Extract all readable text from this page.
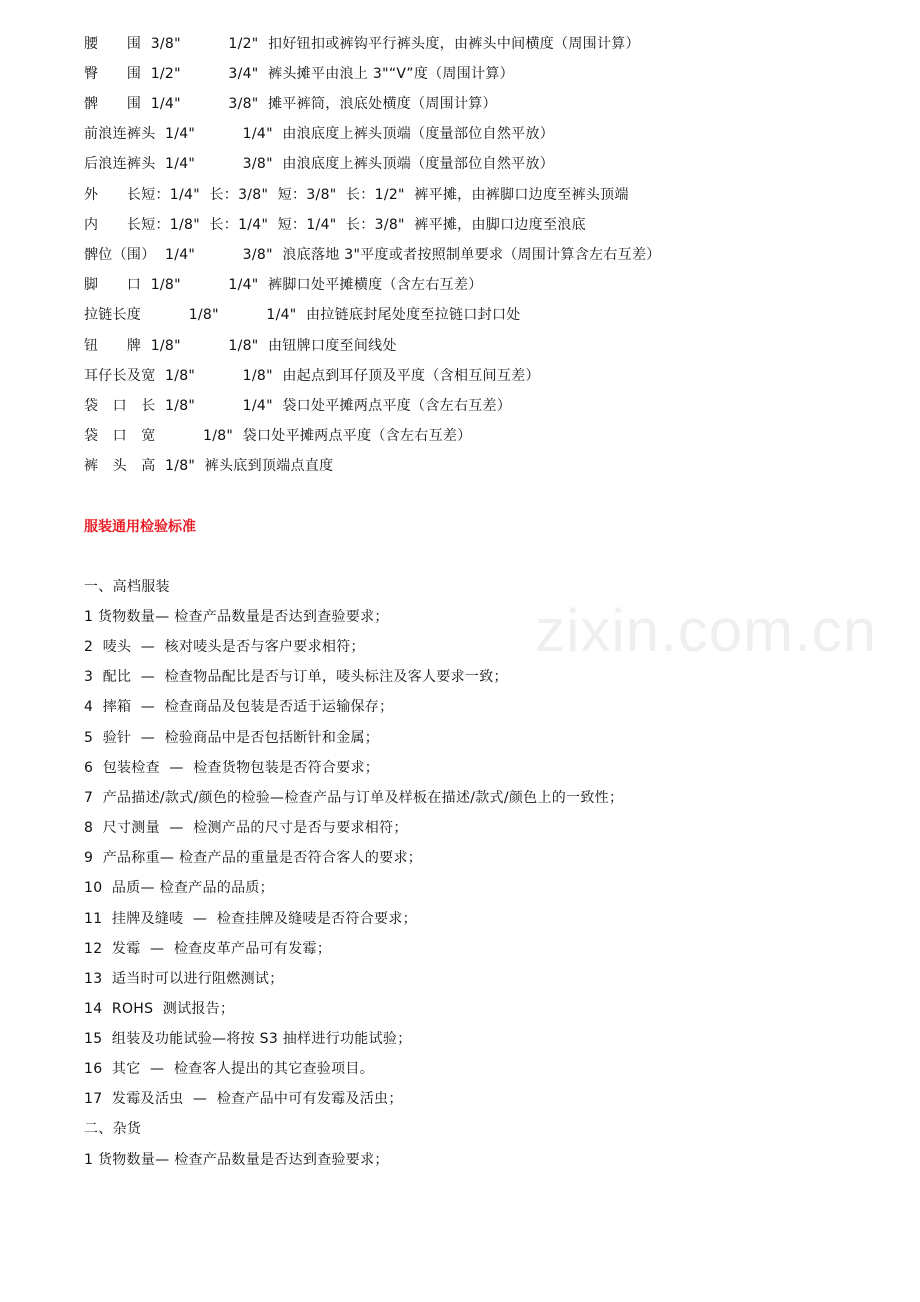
zixin.com.cn
腰　　围  3/8"          1/2"  扣好钮扣或裤钩平行裤头度，由裤头中间横度（周围计算）
臀　　围  1/2"          3/4"  裤头摊平由浪上 3"“V”度（周围计算）
髀　　围  1/4"          3/8"  摊平裤筒，浪底处横度（周围计算）
前浪连裤头  1/4"          1/4"  由浪底度上裤头顶端（度量部位自然平放）
后浪连裤头  1/4"          3/8"  由浪底度上裤头顶端（度量部位自然平放）
外　　长短：1/4"  长：3/8"  短：3/8"  长：1/2"  裤平摊，由裤脚口边度至裤头顶端
内　　长短：1/8"  长：1/4"  短：1/4"  长：3/8"  裤平摊，由脚口边度至浪底
髀位（围）  1/4"          3/8"  浪底落地 3"平度或者按照制单要求（周围计算含左右互差）
脚　　口  1/8"          1/4"  裤脚口处平摊横度（含左右互差）
拉链长度          1/8"          1/4"  由拉链底封尾处度至拉链口封口处
钮　　牌  1/8"          1/8"  由钮牌口度至间线处
耳仔长及宽  1/8"          1/8"  由起点到耳仔顶及平度（含相互间互差）
袋　口　长  1/8"          1/4"  袋口处平摊两点平度（含左右互差）
袋　口　宽          1/8"  袋口处平摊两点平度（含左右互差）
裤　头　高  1/8"  裤头底到顶端点直度
服装通用检验标准
一、高档服装
1 货物数量— 检查产品数量是否达到查验要求；
2  唛头  —  核对唛头是否与客户要求相符；
3  配比  —  检查物品配比是否与订单，唛头标注及客人要求一致；
4  摔箱  —  检查商品及包装是否适于运输保存；
5  验针  —  检验商品中是否包括断针和金属；
6  包装检查  —  检查货物包装是否符合要求；
7  产品描述/款式/颜色的检验—检查产品与订单及样板在描述/款式/颜色上的一致性；
8  尺寸测量  —  检测产品的尺寸是否与要求相符；
9  产品称重— 检查产品的重量是否符合客人的要求；
10  品质— 检查产品的品质；
11  挂牌及缝唛  —  检查挂牌及缝唛是否符合要求；
12  发霉  —  检查皮革产品可有发霉；
13  适当时可以进行阻燃测试；
14  ROHS  测试报告；
15  组装及功能试验—将按 S3 抽样进行功能试验；
16  其它  —  检查客人提出的其它查验项目。
17  发霉及活虫  —  检查产品中可有发霉及活虫；
二、杂货
1 货物数量— 检查产品数量是否达到查验要求；
